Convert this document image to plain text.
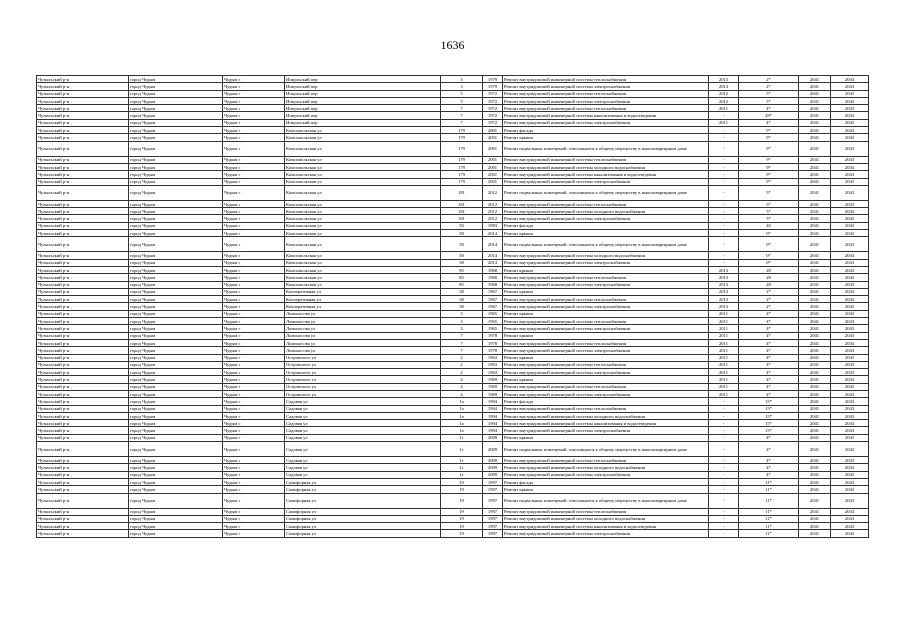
1636
Чузыльский р-н	город Чудым	Чудым г	Ипкульский пер	3	1979	Ремонт внутридомовой инженерной системы теплоснабжения	2013	2*	2041	2043
Чузыльский р-н	город Чудым	Чудым г	Ипкульский пер	3	1979	Ремонт внутридомовой инженерной системы электроснабжения	2013	2*	2041	2043
Чузыльский р-н	город Чудым	Чудым г	Ипкульский пер	5	1972	Ремонт внутридомовой инженерной системы теплоснабжения	2012	5*	2041	2043
Чузыльский р-н	город Чудым	Чудым г	Ипкульский пер	5	1972	Ремонт внутридомовой инженерной системы электроснабжения	2012	5*	2041	2043
Чузыльский р-н	город Чудым	Чудым г	Ипкульский пер	7	1972	Ремонт внутридомовой инженерной системы теплоснабжения	2011	4*	2041	2043
Чузыльский р-н	город Чудым	Чудым г	Ипкульский пер	7	1972	Ремонт внутридомовой инженерной системы канализования и водоотведения	-	28*	2041	2043
Чузыльский р-н	город Чудым	Чудым г	Ипкульский пер	7	1972	Ремонт внутридомовой инженерной системы электроснабжения	2011	4*	2041	2043
Чузыльский р-н	город Чудым	Чудым г	Комсомольская ул	179	2001	Ремонт фасада	-	9*	2041	2043
Чузыльский р-н	город Чудым	Чудым г	Комсомольская ул	179	2001	Ремонт крыши	-	9*	2041	2043
Чузыльский р-н	город Чудым	Чудым г	Комсомольская ул	179	2001	Ремонт подвальных помещений, относящихся к общему имуществу в многоквартирном доме	-	9*	2041	2043
Чузыльский р-н	город Чудым	Чудым г	Комсомольская ул	179	2001	Ремонт внутридомовой инженерной системы теплоснабжения	-	9*	2041	2043
Чузыльский р-н	город Чудым	Чудым г	Комсомольская ул	179	2001	Ремонт внутридомовой инженерной системы холодного водоснабжения	-	9*	2041	2043
Чузыльский р-н	город Чудым	Чудым г	Комсомольская ул	179	2001	Ремонт внутридомовой инженерной системы канализования и водоотведения	-	9*	2041	2043
Чузыльский р-н	город Чудым	Чудым г	Комсомольская ул	179	2001	Ремонт внутридомовой инженерной системы электроснабжения	-	9*	2041	2043
Чузыльский р-н	город Чудым	Чудым г	Комсомольская ул	181	2012	Ремонт подвальных помещений, относящихся к общему имуществу в многоквартирном доме	-	5*	2041	2043
Чузыльский р-н	город Чудым	Чудым г	Комсомольская ул	181	2012	Ремонт внутридомовой инженерной системы теплоснабжения	-	5*	2041	2043
Чузыльский р-н	город Чудым	Чудым г	Комсомольская ул	181	2012	Ремонт внутридомовой инженерной системы холодного водоснабжения	-	5*	2041	2043
Чузыльский р-н	город Чудым	Чудым г	Комсомольская ул	181	2012	Ремонт внутридомовой инженерной системы электроснабжения	-	5*	2041	2043
Чузыльский р-н	город Чудым	Чудым г	Комсомольская ул	50	1983	Ремонт фасада	-	40	2041	2043
Чузыльский р-н	город Чудым	Чудым г	Комсомольская ул	58	2014	Ремонт крыши	-	0*	2041	2043
Чузыльский р-н	город Чудым	Чудым г	Комсомольская ул	58	2014	Ремонт подвальных помещений, относящихся к общему имуществу в многоквартирном доме	-	0*	2041	2043
Чузыльский р-н	город Чудым	Чудым г	Комсомольская ул	58	2014	Ремонт внутридомовой инженерной системы холодного водоснабжения	-	0*	2041	2043
Чузыльский р-н	город Чудым	Чудым г	Комсомольская ул	58	2014	Ремонт внутридомовой инженерной системы электроснабжения	-	0*	2041	2043
Чузыльский р-н	город Чудым	Чудым г	Комсомольская ул	85	1968	Ремонт крыши	2013	28	2041	2043
Чузыльский р-н	город Чудым	Чудым г	Комсомольская ул	85	1968	Ремонт внутридомовой инженерной системы теплоснабжения	2013	28	2041	2043
Чузыльский р-н	город Чудым	Чудым г	Комсомольская ул	85	1968	Ремонт внутридомовой инженерной системы электроснабжения	2013	28	2041	2043
Чузыльский р-н	город Чудым	Чудым г	Кооперативная ул	38	1967	Ремонт крыши	2013	2*	2041	2043
Чузыльский р-н	город Чудым	Чудым г	Кооперативная ул	38	1967	Ремонт внутридомовой инженерной системы теплоснабжения	2013	2*	2041	2043
Чузыльский р-н	город Чудым	Чудым г	Кооперативная ул	38	1967	Ремонт внутридомовой инженерной системы электроснабжения	2013	2*	2041	2043
Чузыльский р-н	город Чудым	Чудым г	Ломоносова ул	3	1965	Ремонт крыши	2011	4*	2041	2043
Чузыльский р-н	город Чудым	Чудым г	Ломоносова ул	3	1965	Ремонт внутридомовой инженерной системы теплоснабжения	2011	4*	2041	2043
Чузыльский р-н	город Чудым	Чудым г	Ломоносова ул	3	1965	Ремонт внутридомовой инженерной системы электроснабжения	2011	4*	2041	2043
Чузыльский р-н	город Чудым	Чудым г	Ломоносова ул	7	1978	Ремонт крыши	2011	4*	2041	2043
Чузыльский р-н	город Чудым	Чудым г	Ломоносова ул	7	1978	Ремонт внутридомовой инженерной системы теплоснабжения	2011	4*	2041	2043
Чузыльский р-н	город Чудым	Чудым г	Ломоносова ул	7	1978	Ремонт внутридомовой инженерной системы электроснабжения	2011	4*	2041	2043
Чузыльский р-н	город Чудым	Чудым г	Островского ул	2	1963	Ремонт крыши	2011	4*	2041	2043
Чузыльский р-н	город Чудым	Чудым г	Островского ул	2	1963	Ремонт внутридомовой инженерной системы теплоснабжения	2011	4*	2041	2043
Чузыльский р-н	город Чудым	Чудым г	Островского ул	2	1963	Ремонт внутридомовой инженерной системы электроснабжения	2011	4*	2041	2043
Чузыльский р-н	город Чудым	Чудым г	Островского ул	4	1969	Ремонт крыши	2011	4*	2041	2043
Чузыльский р-н	город Чудым	Чудым г	Островского ул	4	1969	Ремонт внутридомовой инженерной системы теплоснабжения	2011	4*	2041	2043
Чузыльский р-н	город Чудым	Чудым г	Островского ул	4	1969	Ремонт внутридомовой инженерной системы электроснабжения	2011	4*	2041	2043
Чузыльский р-н	город Чудым	Чудым г	Садовая ул	1а	1994	Ремонт фасада	-	15*	2041	2043
Чузыльский р-н	город Чудым	Чудым г	Садовая ул	1а	1994	Ремонт внутридомовой инженерной системы теплоснабжения	-	15*	2041	2043
Чузыльский р-н	город Чудым	Чудым г	Садовая ул	1а	1994	Ремонт внутридомовой инженерной системы холодного водоснабжения	-	15*	2041	2043
Чузыльский р-н	город Чудым	Чудым г	Садовая ул	1а	1994	Ремонт внутридомовой инженерной системы канализования и водоотведения	-	15*	2041	2043
Чузыльский р-н	город Чудым	Чудым г	Садовая ул	1а	1994	Ремонт внутридомовой инженерной системы электроснабжения	-	15*	2041	2043
Чузыльский р-н	город Чудым	Чудым г	Садовая ул	1г	2009	Ремонт крыши	-	4*	2041	2043
Чузыльский р-н	город Чудым	Чудым г	Садовая ул	1г	2009	Ремонт подвальных помещений, относящихся к общему имуществу в многоквартирном доме	-	4*	2041	2043
Чузыльский р-н	город Чудым	Чудым г	Садовая ул	1г	2009	Ремонт внутридомовой инженерной системы теплоснабжения	-	4*	2041	2043
Чузыльский р-н	город Чудым	Чудым г	Садовая ул	1г	2009	Ремонт внутридомовой инженерной системы холодного водоснабжения	-	4*	2041	2043
Чузыльский р-н	город Чудым	Чудым г	Садовая ул	1г	2009	Ремонт внутридомовой инженерной системы электроснабжения	-	4*	2041	2043
Чузыльский р-н	город Чудым	Чудым г	Самофорная ул	19	1997	Ремонт фасада	-	11*	2041	2043
Чузыльский р-н	город Чудым	Чудым г	Самофорная ул	19	1997	Ремонт крыши	-	11*	2041	2043
Чузыльский р-н	город Чудым	Чудым г	Самофорная ул	19	1997	Ремонт подвальных помещений, относящихся к общему имуществу в многоквартирном доме	-	11*	2041	2043
Чузыльский р-н	город Чудым	Чудым г	Самофорная ул	19	1997	Ремонт внутридомовой инженерной системы теплоснабжения	-	11*	2041	2043
Чузыльский р-н	город Чудым	Чудым г	Самофорная ул	19	1997	Ремонт внутридомовой инженерной системы холодного водоснабжения	-	11*	2041	2043
Чузыльский р-н	город Чудым	Чудым г	Самофорная ул	19	1997	Ремонт внутридомовой инженерной системы канализования и водоотведения	-	11*	2041	2043
Чузыльский р-н	город Чудым	Чудым г	Самофорная ул	19	1997	Ремонт внутридомовой инженерной системы электроснабжения	-	11*	2041	2043
